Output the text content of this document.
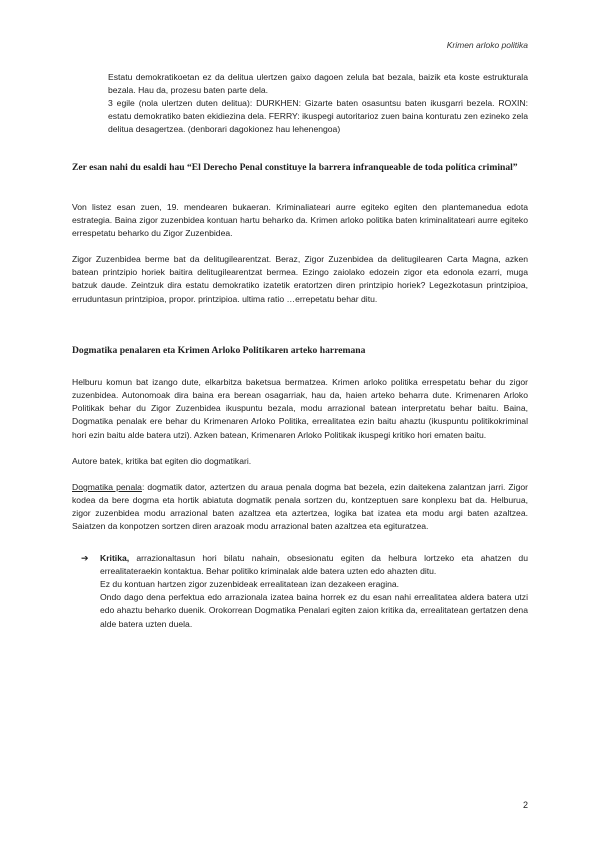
Krimen arloko politika

Estatu demokratikoetan ez da delitua ulertzen gaixo dagoen zelula bat bezala, baizik eta koste estrukturala bezala. Hau da, prozesu baten parte dela.

3 egile (nola ulertzen duten delitua): DURKHEN: Gizarte baten osasuntsu baten ikusgarri bezela. ROXIN: estatu demokratiko baten ekidiezina dela. FERRY: ikuspegi autoritarioz zuen baina konturatu zen ezineko zela delitua desagertzea. (denborari dagokionez hau lehenengoa)

Zer esan nahi du esaldi hau “El Derecho Penal constituye la barrera infranqueable de toda política criminal”

Von listez esan zuen, 19. mendearen bukaeran. Kriminaliateari aurre egiteko egiten den plantemanedua edota estrategia. Baina zigor zuzenbidea kontuan hartu beharko da. Krimen arloko politika baten kriminalitateari aurre egiteko errespetatu beharko du Zigor Zuzenbidea.

Zigor Zuzenbidea berme bat da delitugilearentzat. Beraz, Zigor Zuzenbidea da delitugilearen Carta Magna, azken batean printzipio horiek baitira delitugilearentzat bermea. Ezingo zaiolako edozein zigor eta edonola ezarri, muga batzuk daude. Zeintzuk dira estatu demokratiko izatetik eratortzen diren printzipio horiek? Legezkotasun printzipioa, erruduntasun printzipioa, propor. printzipioa. ultima ratio …errepetatu behar ditu.

Dogmatika penalaren eta Krimen Arloko Politikaren arteko harremana

Helburu komun bat izango dute, elkarbitza baketsua bermatzea. Krimen arloko politika errespetatu behar du zigor zuzenbidea. Autonomoak dira baina era berean osagarriak, hau da, haien arteko beharra dute. Krimenaren Arloko Politikak behar du Zigor Zuzenbidea ikuspuntu bezala, modu arrazional batean interpretatu behar baitu. Baina, Dogmatika penalak ere behar du Krimenaren Arloko Politika, errealitatea ezin baitu ahaztu (ikuspuntu politikokriminal hori ezin baitu alde batera utzi). Azken batean, Krimenaren Arloko Politikak ikuspegi kritiko hori ematen baitu.

Autore batek, kritika bat egiten dio dogmatikari.

Dogmatika penala: dogmatik dator, aztertzen du araua penala dogma bat bezela, ezin daitekena zalantzan jarri. Zigor kodea da bere dogma eta hortik abiatuta dogmatik penala sortzen du, kontzeptuen sare konplexu bat da. Helburua, zigor zuzenbidea modu arrazional baten azaltzea eta aztertzea, logika bat izatea eta modu argi baten azaltzea. Saiatzen da konpotzen sortzen diren arazoak modu arrazional baten azaltzea eta egituratzea.

➔	Kritika, arrazionaltasun hori bilatu nahain, obsesionatu egiten da helbura lortzeko eta ahatzen du errealitateraekin kontaktua. Behar politiko kriminalak alde batera uzten edo ahazten ditu.

Ez du kontuan hartzen zigor zuzenbideak errealitatean izan dezakeen eragina.

Ondo dago dena perfektua edo arrazionala izatea baina horrek ez du esan nahi errealitatea aldera batera utzi edo ahaztu beharko duenik. Orokorrean Dogmatika Penalari egiten zaion kritika da, errealitatean gertatzen dena alde batera uzten duela.

2
